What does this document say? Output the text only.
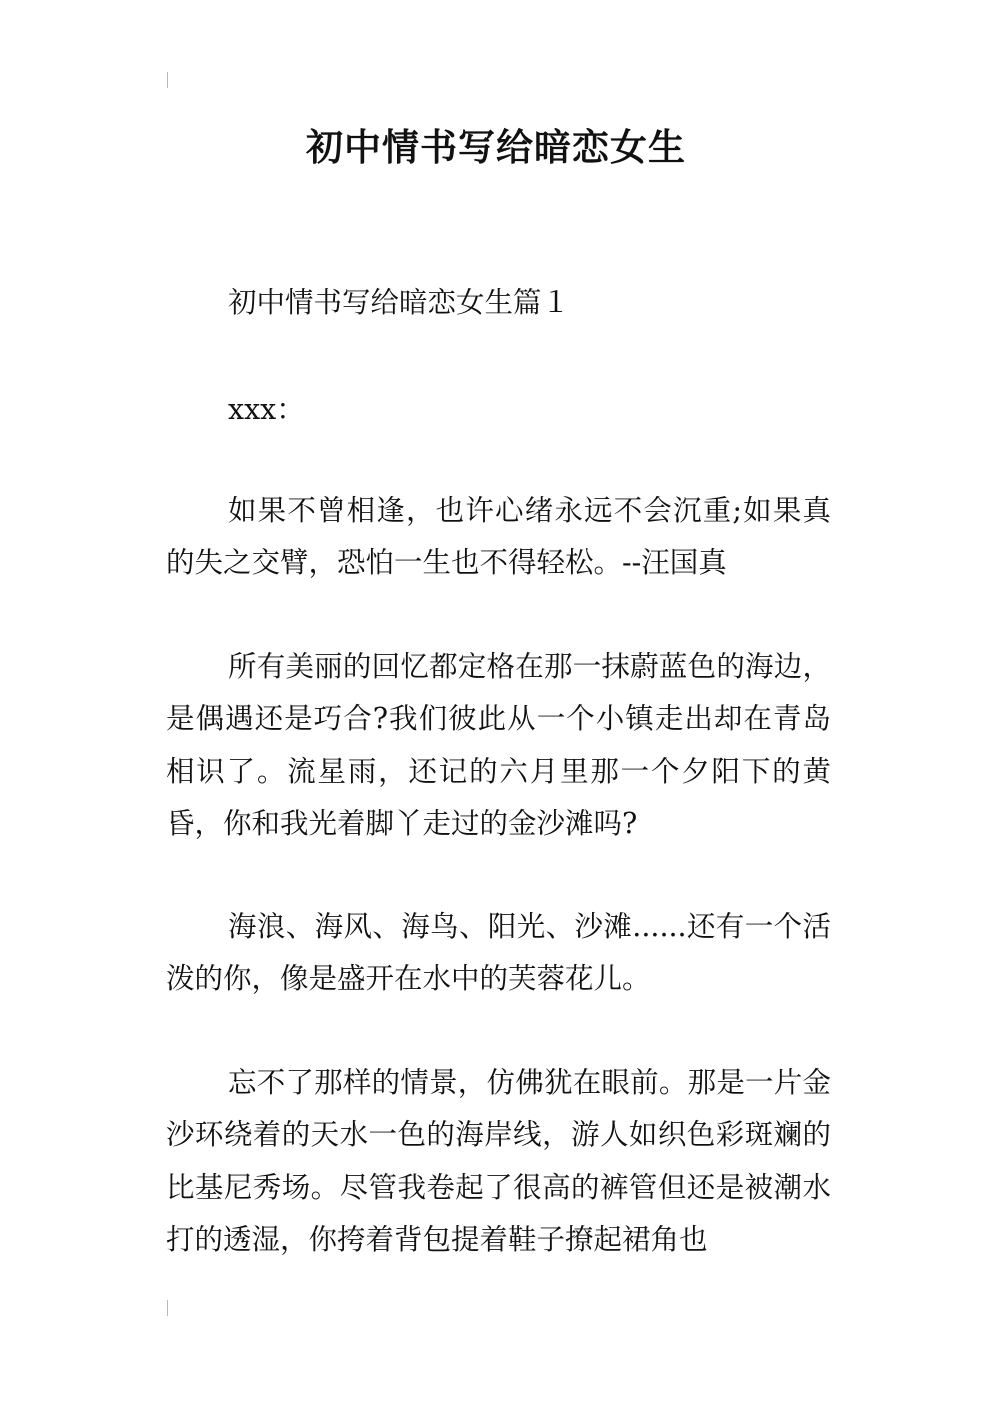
初中情书写给暗恋女生
初中情书写给暗恋女生篇１
xxx：
如果不曾相逢，也许心绪永远不会沉重;如果真的失之交臂，恐怕一生也不得轻松。--汪国真
所有美丽的回忆都定格在那一抹蔚蓝色的海边，是偶遇还是巧合?我们彼此从一个小镇走出却在青岛相识了。流星雨，还记的六月里那一个夕阳下的黄昏，你和我光着脚丫走过的金沙滩吗?
海浪、海风、海鸟、阳光、沙滩......还有一个活泼的你，像是盛开在水中的芙蓉花儿。
忘不了那样的情景，仿佛犹在眼前。那是一片金沙环绕着的天水一色的海岸线，游人如织色彩斑斓的比基尼秀场。尽管我卷起了很高的裤管但还是被潮水打的透湿，你挎着背包提着鞋子撩起裙角也
